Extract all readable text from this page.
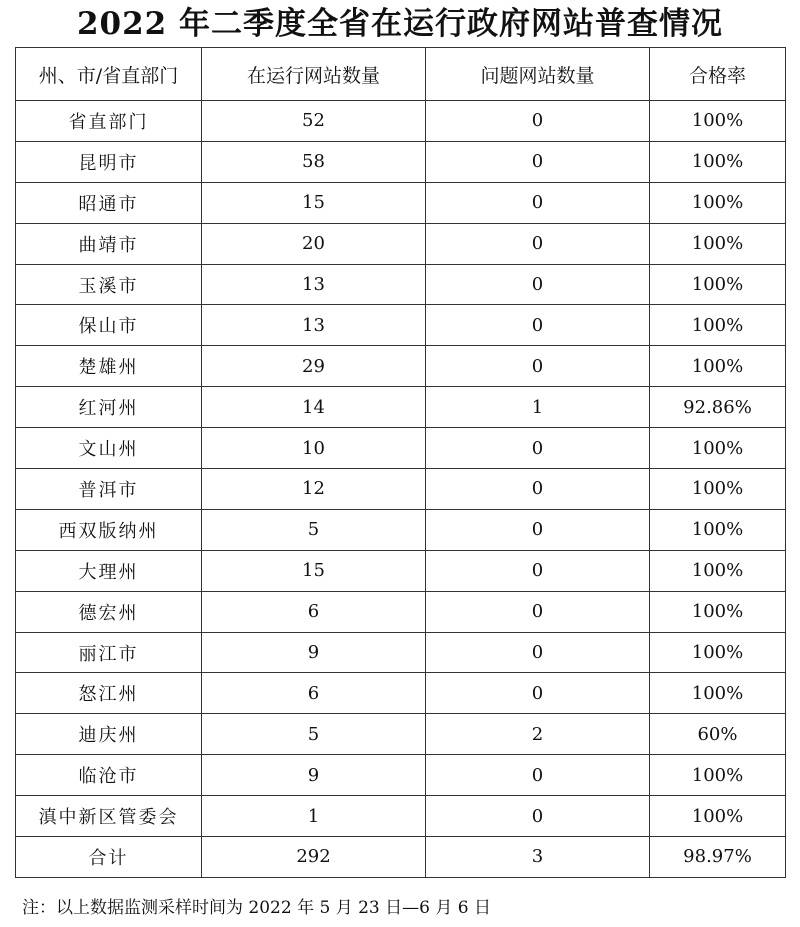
2022 年二季度全省在运行政府网站普查情况
州、市/省直部门	在运行网站数量	问题网站数量	合格率
省直部门	52	0	100%
昆明市	58	0	100%
昭通市	15	0	100%
曲靖市	20	0	100%
玉溪市	13	0	100%
保山市	13	0	100%
楚雄州	29	0	100%
红河州	14	1	92.86%
文山州	10	0	100%
普洱市	12	0	100%
西双版纳州	5	0	100%
大理州	15	0	100%
德宏州	6	0	100%
丽江市	9	0	100%
怒江州	6	0	100%
迪庆州	5	2	60%
临沧市	9	0	100%
滇中新区管委会	1	0	100%
合计	292	3	98.97%
注：以上数据监测采样时间为 2022 年 5 月 23 日—6 月 6 日
